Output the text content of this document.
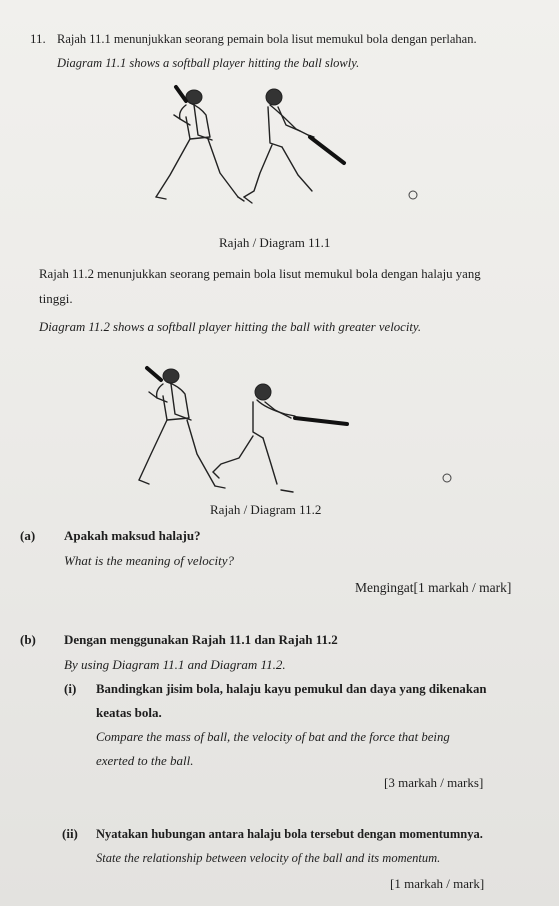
11. Rajah 11.1 menunjukkan seorang pemain bola lisut memukul bola dengan perlahan.
Diagram 11.1 shows a softball player hitting the ball slowly.
Rajah / Diagram 11.1
Rajah 11.2 menunjukkan seorang pemain bola lisut memukul bola dengan halaju yang
tinggi.
Diagram 11.2 shows a softball player hitting the ball with greater velocity.
Rajah / Diagram 11.2
(a) Apakah maksud halaju?
What is the meaning of velocity?
Mengingat[1 markah / mark]
(b) Dengan menggunakan Rajah 11.1 dan Rajah 11.2
By using Diagram 11.1 and Diagram 11.2.
(i) Bandingkan jisim bola, halaju kayu pemukul dan daya yang dikenakan
keatas bola.
Compare the mass of ball, the velocity of bat and the force that being
exerted to the ball.
[3 markah / marks]
(ii) Nyatakan hubungan antara halaju bola tersebut dengan momentumnya.
State the relationship between velocity of the ball and its momentum.
[1 markah / mark]
